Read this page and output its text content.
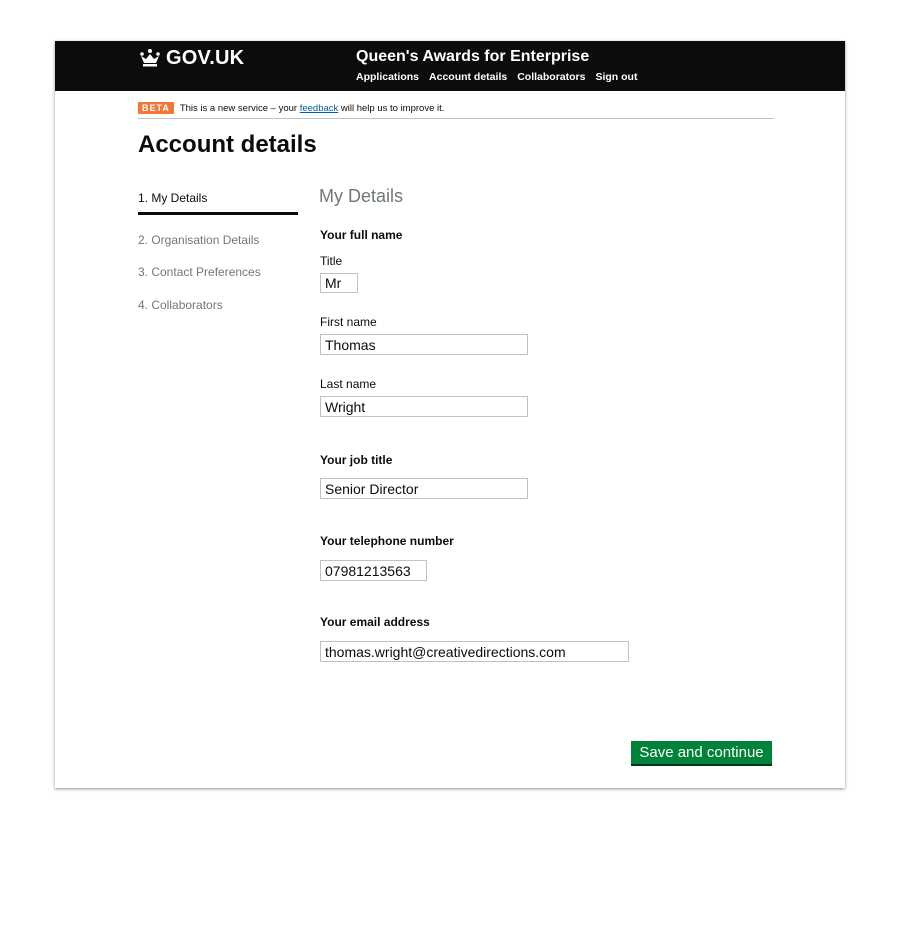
GOV.UK	Queen's Awards for Enterprise
Applications Account details Collaborators Sign out
BETA	This is a new service – your feedback will help us to improve it.
Account details
1. My Details
2. Organisation Details
3. Contact Preferences
4. Collaborators
My Details
Your full name
Title
Mr
First name
Thomas
Last name
Wright
Your job title
Senior Director
Your telephone number
07981213563
Your email address
thomas.wright@creativedirections.com
Save and continue
